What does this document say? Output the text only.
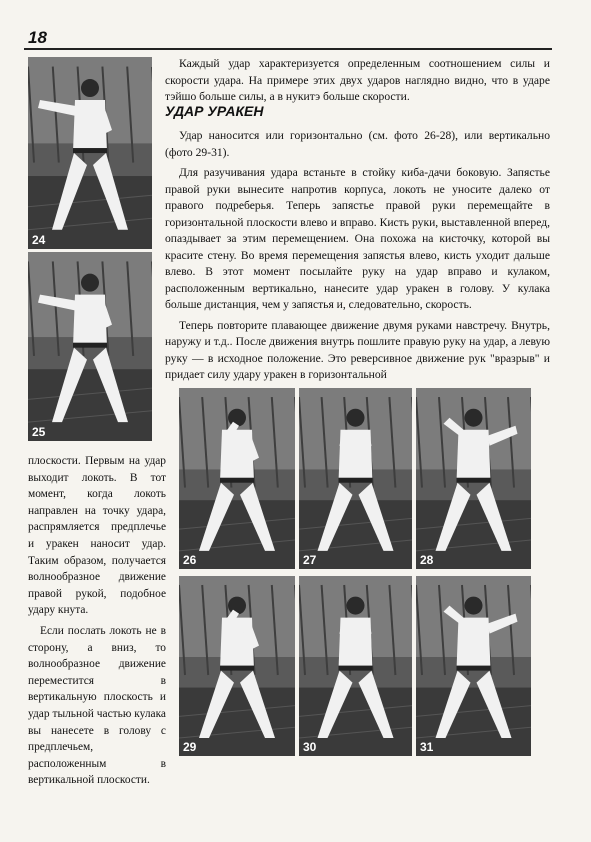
18
24
25

Каждый удар характеризуется определенным соотношением силы и скорости удара. На примере этих двух ударов наглядно видно, что в ударе тэйшо больше силы, а в нукитэ больше скорости.

УДАР УРАКЕН

Удар наносится или горизонтально (см. фото 26-28), или вертикально (фото 29-31).

Для разучивания удара встаньте в стойку киба-дачи боковую. Запястье правой руки вынесите напротив корпуса, локоть не уносите далеко от правого подреберья. Теперь запястье правой руки перемещайте в горизонтальной плоскости влево и вправо. Кисть руки, выставленной вперед, опаздывает за этим перемещением. Она похожа на кисточку, которой вы красите стену. Во время перемещения запястья влево, кисть уходит дальше влево. В этот момент посылайте руку на удар вправо и кулаком, расположенным вертикально, нанесите удар уракен в голову. У кулака больше дистанция, чем у запястья и, следовательно, скорость.

Теперь повторите плавающее движение двумя руками навстречу. Внутрь, наружу и т.д.. После движения внутрь пошлите правую руку на удар, а левую руку — в исходное положение. Это реверсивное движение рук "вразрыв" и придает силу удару уракен в горизонтальной

26	27	28
29	30	31

плоскости. Первым на удар выходит локоть. В тот момент, когда локоть направлен на точку удара, распрямляется предплечье и уракен наносит удар. Таким образом, получается волнообразное движение правой рукой, подобное удару кнута.

Если послать локоть не в сторону, а вниз, то волнообразное движение переместится в вертикальную плоскость и удар тыльной частью кулака вы нанесете в голову с предплечьем, расположенным в вертикальной плоскости.
